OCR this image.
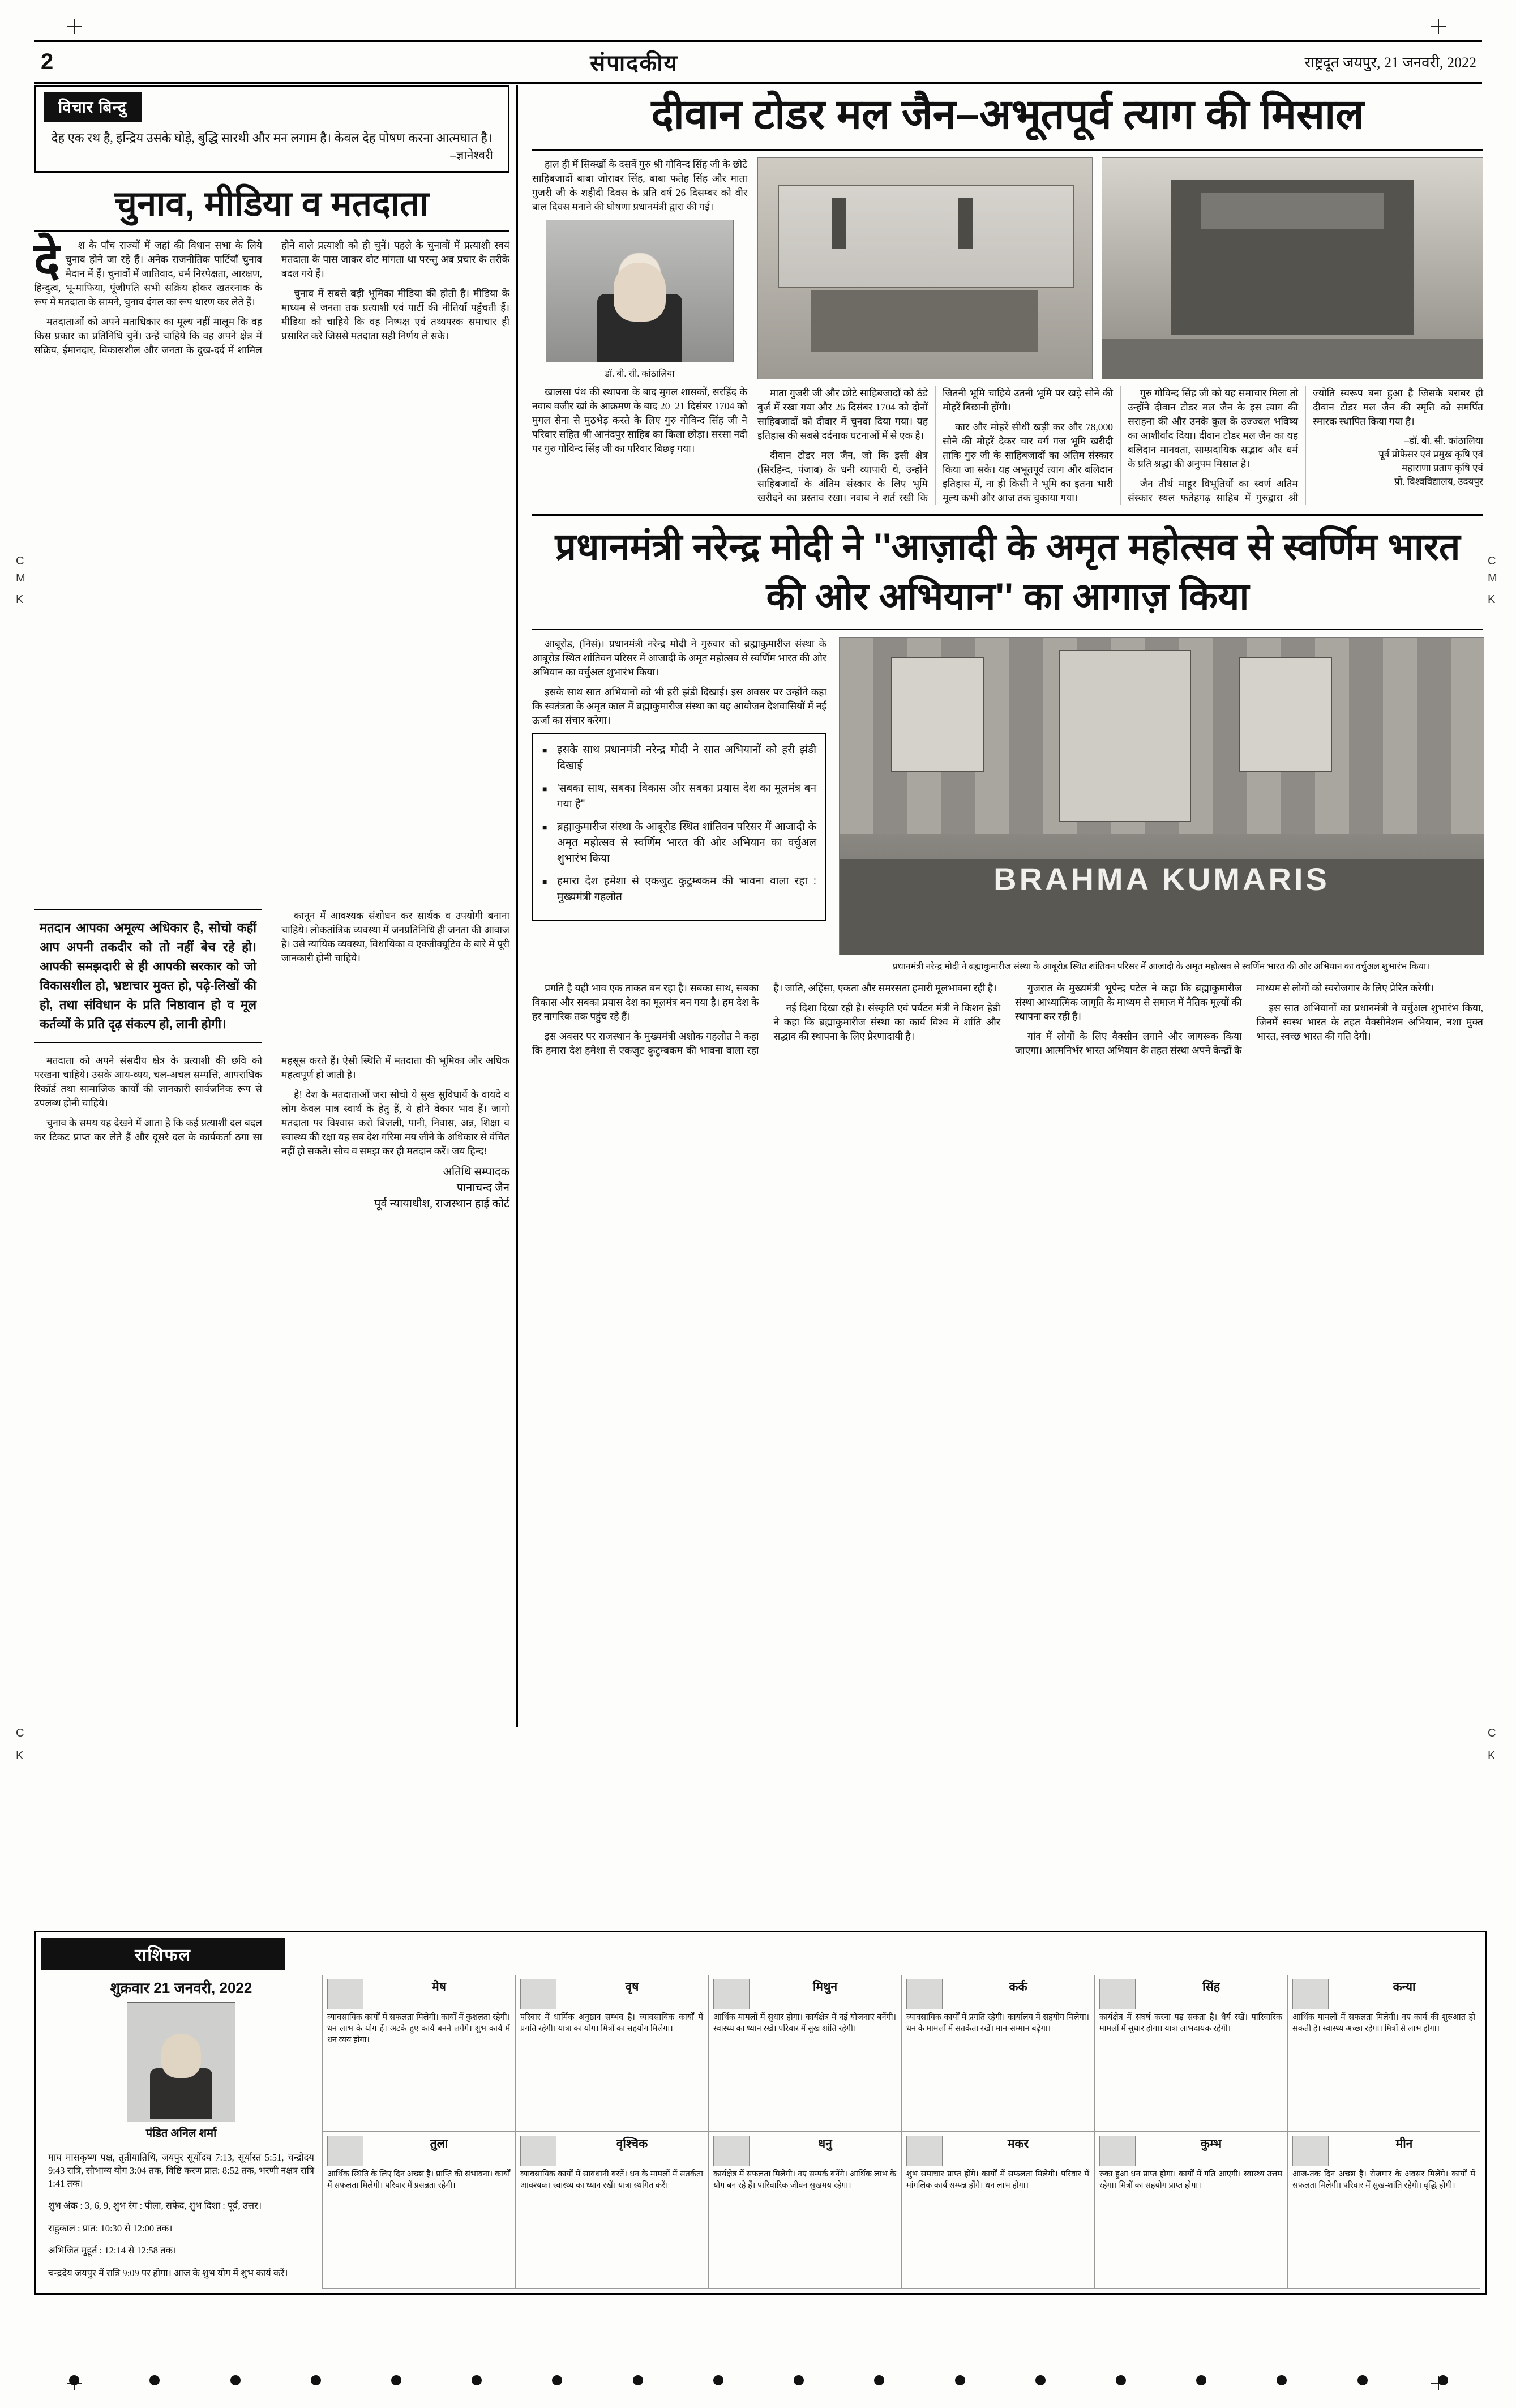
C
M
K
C
M
K
C
K
C
K
2	संपादकीय	राष्ट्रदूत जयपुर, 21 जनवरी, 2022
विचार बिन्दु
देह एक रथ है, इन्द्रिय उसके घोड़े, बुद्धि सारथी और मन लगाम है। केवल देह पोषण करना आत्मघात है।
–ज्ञानेश्वरी
चुनाव, मीडिया व मतदाता
दे	श के पाँच राज्यों में जहां की विधान सभा के लिये चुनाव होने जा रहे हैं। अनेक राजनीतिक पार्टियाँ चुनाव मैदान में हैं। चुनावों में जातिवाद, धर्म निरपेक्षता, आरक्षण, हिन्दुत्व, भू-माफिया, पूंजीपति सभी सक्रिय होकर खतरनाक के रूप में मतदाता के सामने, चुनाव दंगल का रूप धारण कर लेते हैं।

मतदाताओं को अपने मताधिकार का मूल्य नहीं मालूम कि वह किस प्रकार का प्रतिनिधि चुनें। उन्हें चाहिये कि वह अपने क्षेत्र में सक्रिय, ईमानदार, विकासशील और जनता के दुख-दर्द में शामिल होने वाले प्रत्याशी को ही चुनें। पहले के चुनावों में प्रत्याशी स्वयं मतदाता के पास जाकर वोट मांगता था परन्तु अब प्रचार के तरीके बदल गये हैं।

चुनाव में सबसे बड़ी भूमिका मीडिया की होती है। मीडिया के माध्यम से जनता तक प्रत्याशी एवं पार्टी की नीतियाँ पहुँचती हैं। मीडिया को चाहिये कि वह निष्पक्ष एवं तथ्यपरक समाचार ही प्रसारित करे जिससे मतदाता सही निर्णय ले सके।

मतदान आपका अमूल्य अधिकार है, सोचो कहीं आप अपनी तकदीर को तो नहीं बेच रहे हो। आपकी समझदारी से ही आपकी सरकार को जो विकासशील हो, भ्रष्टाचार मुक्त हो, पढ़े-लिखों की हो, तथा संविधान के प्रति निष्ठावान हो व मूल कर्तव्यों के प्रति दृढ़ संकल्प हो, लानी होगी।

कानून में आवश्यक संशोधन कर सार्थक व उपयोगी बनाना चाहिये। लोकतांत्रिक व्यवस्था में जनप्रतिनिधि ही जनता की आवाज है। उसे न्यायिक व्यवस्था, विधायिका व एक्जीक्यूटिव के बारे में पूरी जानकारी होनी चाहिये।

मतदाता को अपने संसदीय क्षेत्र के प्रत्याशी की छवि को परखना चाहिये। उसके आय-व्यय, चल-अचल सम्पत्ति, आपराधिक रिकॉर्ड तथा सामाजिक कार्यों की जानकारी सार्वजनिक रूप से उपलब्ध होनी चाहिये।

चुनाव के समय यह देखने में आता है कि कई प्रत्याशी दल बदल कर टिकट प्राप्त कर लेते हैं और दूसरे दल के कार्यकर्ता ठगा सा महसूस करते हैं। ऐसी स्थिति में मतदाता की भूमिका और अधिक महत्वपूर्ण हो जाती है।

हे! देश के मतदाताओं जरा सोचो ये सुख सुविधायें के वायदे व लोग केवल मात्र स्वार्थ के हेतु हैं, ये होने वेकार भाव हैं। जागो मतदाता पर विश्वास करो बिजली, पानी, निवास, अन्न, शिक्षा व स्वास्थ्य की रक्षा यह सब देश गरिमा मय जीने के अधिकार से वंचित नहीं हो सकते। सोच व समझ कर ही मतदान करें। जय हिन्द!

–अतिथि सम्पादक
पानाचन्द जैन
पूर्व न्यायाधीश, राजस्थान हाई कोर्ट
दीवान टोडर मल जैन–अभूतपूर्व त्याग की मिसाल

हाल ही में सिक्खों के दसवें गुरु श्री गोविन्द सिंह जी के छोटे साहिबजादों बाबा जोरावर सिंह, बाबा फतेह सिंह और माता गुजरी जी के शहीदी दिवस के प्रति वर्ष 26 दिसम्बर को वीर बाल दिवस मनाने की घोषणा प्रधानमंत्री द्वारा की गई।

डॉ. बी. सी. कांठालिया

खालसा पंथ की स्थापना के बाद मुगल शासकों, सरहिंद के नवाब वजीर खां के आक्रमण के बाद 20–21 दिसंबर 1704 को मुगल सेना से मुठभेड़ करते के लिए गुरु गोविन्द सिंह जी ने परिवार सहित श्री आनंदपुर साहिब का किला छोड़ा। सरसा नदी पर गुरु गोविन्द सिंह जी का परिवार बिछड़ गया।

माता गुजरी जी और छोटे साहिबजादों को ठंडे बुर्ज में रखा गया और 26 दिसंबर 1704 को दोनों साहिबजादों को दीवार में चुनवा दिया गया। यह इतिहास की सबसे दर्दनाक घटनाओं में से एक है।

दीवान टोडर मल जैन, जो कि इसी क्षेत्र (सिरहिन्द, पंजाब) के धनी व्यापारी थे, उन्होंने साहिबजादों के अंतिम संस्कार के लिए भूमि खरीदने का प्रस्ताव रखा। नवाब ने शर्त रखी कि जितनी भूमि चाहिये उतनी भूमि पर खड़े सोने की मोहरें बिछानी होंगी।

कार और मोहरें सीधी खड़ी कर और 78,000 सोने की मोहरें देकर चार वर्ग गज भूमि खरीदी ताकि गुरु जी के साहिबजादों का अंतिम संस्कार किया जा सके। यह अभूतपूर्व त्याग और बलिदान इतिहास में, ना ही किसी ने भूमि का इतना भारी मूल्य कभी और आज तक चुकाया गया।

गुरु गोविन्द सिंह जी को यह समाचार मिला तो उन्होंने दीवान टोडर मल जैन के इस त्याग की सराहना की और उनके कुल के उज्ज्वल भविष्य का आशीर्वाद दिया। दीवान टोडर मल जैन का यह बलिदान मानवता, साम्प्रदायिक सद्भाव और धर्म के प्रति श्रद्धा की अनुपम मिसाल है।

जैन तीर्थ माहूर विभूतियों का स्वर्ण अतिम संस्कार स्थल फतेहगढ़ साहिब में गुरुद्वारा श्री ज्योति स्वरूप बना हुआ है जिसके बराबर ही दीवान टोडर मल जैन की स्मृति को समर्पित स्मारक स्थापित किया गया है।

–डॉ. बी. सी. कांठालिया
पूर्व प्रोफेसर एवं प्रमुख कृषि एवं
महाराणा प्रताप कृषि एवं
प्रो. विश्वविद्यालय, उदयपुर
प्रधानमंत्री नरेन्द्र मोदी ने ''आज़ादी के अमृत महोत्सव से स्वर्णिम भारत की ओर अभियान'' का आगाज़ किया

आबूरोड, (निसं)। प्रधानमंत्री नरेन्द्र मोदी ने गुरुवार को ब्रह्माकुमारीज संस्था के आबूरोड स्थित शांतिवन परिसर में आजादी के अमृत महोत्सव से स्वर्णिम भारत की ओर अभियान का वर्चुअल शुभारंभ किया।

इसके साथ सात अभियानों को भी हरी झंडी दिखाई। इस अवसर पर उन्होंने कहा कि स्वतंत्रता के अमृत काल में ब्रह्माकुमारीज संस्था का यह आयोजन देशवासियों में नई ऊर्जा का संचार करेगा।

■ इसके साथ प्रधानमंत्री नरेन्द्र मोदी ने सात अभियानों को हरी झंडी दिखाई
■ 'सबका साथ, सबका विकास और सबका प्रयास देश का मूलमंत्र बन गया है''
■ ब्रह्माकुमारीज संस्था के आबूरोड स्थित शांतिवन परिसर में आजादी के अमृत महोत्सव से स्वर्णिम भारत की ओर अभियान का वर्चुअल शुभारंभ किया
■ हमारा देश हमेशा से एकजुट कुटुम्बकम की भावना वाला रहा : मुख्यमंत्री गहलोत
BRAHMA KUMARIS
प्रधानमंत्री नरेन्द्र मोदी ने ब्रह्माकुमारीज संस्था के आबूरोड स्थित शांतिवन परिसर में आजादी के अमृत महोत्सव से स्वर्णिम भारत की ओर अभियान का वर्चुअल शुभारंभ किया।

प्रगति है यही भाव एक ताकत बन रहा है। सबका साथ, सबका विकास और सबका प्रयास देश का मूलमंत्र बन गया है। हम देश के हर नागरिक तक पहुंच रहे हैं।

इस अवसर पर राजस्थान के मुख्यमंत्री अशोक गहलोत ने कहा कि हमारा देश हमेशा से एकजुट कुटुम्बकम की भावना वाला रहा है। जाति, अहिंसा, एकता और समरसता हमारी मूलभावना रही है।

नई दिशा दिखा रही है। संस्कृति एवं पर्यटन मंत्री ने किशन हेडी ने कहा कि ब्रह्माकुमारीज संस्था का कार्य विश्व में शांति और सद्भाव की स्थापना के लिए प्रेरणादायी है।

गुजरात के मुख्यमंत्री भूपेन्द्र पटेल ने कहा कि ब्रह्माकुमारीज संस्था आध्यात्मिक जागृति के माध्यम से समाज में नैतिक मूल्यों की स्थापना कर रही है।

गांव में लोगों के लिए वैक्सीन लगाने और जागरूक किया जाएगा। आत्मनिर्भर भारत अभियान के तहत संस्था अपने केन्द्रों के माध्यम से लोगों को स्वरोजगार के लिए प्रेरित करेगी।

इस सात अभियानों का प्रधानमंत्री ने वर्चुअल शुभारंभ किया, जिनमें स्वस्थ भारत के तहत वैक्सीनेशन अभियान, नशा मुक्त भारत, स्वच्छ भारत की गति देगी।

राशिफल
शुक्रवार 21 जनवरी, 2022
पंडित अनिल शर्मा

माघ मासकृष्ण पक्ष, तृतीयातिथि, जयपुर सूर्योदय 7:13, सूर्यास्त 5:51, चन्द्रोदय 9:43 रात्रि, सौभाग्य योग 3:04 तक, विष्टि करण प्रात: 8:52 तक, भरणी नक्षत्र रात्रि 1:41 तक।

शुभ अंक : 3, 6, 9, शुभ रंग : पीला, सफेद, शुभ दिशा : पूर्व, उत्तर।

राहुकाल : प्रात: 10:30 से 12:00 तक।

अभिजित मुहूर्त : 12:14 से 12:58 तक।

चन्द्रदेय जयपुर में रात्रि 9:09 पर होगा। आज के शुभ योग में शुभ कार्य करें।

मेष
व्यावसायिक कार्यों में सफलता मिलेगी। कार्यों में कुशलता रहेगी। धन लाभ के योग हैं। अटके हुए कार्य बनने लगेंगे। शुभ कार्य में धन व्यय होगा।
वृष
परिवार में धार्मिक अनुष्ठान सम्भव है। व्यावसायिक कार्यों में प्रगति रहेगी। यात्रा का योग। मित्रों का सहयोग मिलेगा।
मिथुन
आर्थिक मामलों में सुधार होगा। कार्यक्षेत्र में नई योजनाएं बनेंगी। स्वास्थ्य का ध्यान रखें। परिवार में सुख शांति रहेगी।
कर्क
व्यावसायिक कार्यों में प्रगति रहेगी। कार्यालय में सहयोग मिलेगा। धन के मामलों में सतर्कता रखें। मान-सम्मान बढ़ेगा।
सिंह
कार्यक्षेत्र में संघर्ष करना पड़ सकता है। धैर्य रखें। पारिवारिक मामलों में सुधार होगा। यात्रा लाभदायक रहेगी।
कन्या
आर्थिक मामलों में सफलता मिलेगी। नए कार्य की शुरुआत हो सकती है। स्वास्थ्य अच्छा रहेगा। मित्रों से लाभ होगा।
तुला
आर्थिक स्थिति के लिए दिन अच्छा है। प्राप्ति की संभावना। कार्यों में सफलता मिलेगी। परिवार में प्रसन्नता रहेगी।
वृश्चिक
व्यावसायिक कार्यों में सावधानी बरतें। धन के मामलों में सतर्कता आवश्यक। स्वास्थ्य का ध्यान रखें। यात्रा स्थगित करें।
धनु
कार्यक्षेत्र में सफलता मिलेगी। नए सम्पर्क बनेंगे। आर्थिक लाभ के योग बन रहे हैं। पारिवारिक जीवन सुखमय रहेगा।
मकर
शुभ समाचार प्राप्त होंगे। कार्यों में सफलता मिलेगी। परिवार में मांगलिक कार्य सम्पन्न होंगे। धन लाभ होगा।
कुम्भ
रुका हुआ धन प्राप्त होगा। कार्यों में गति आएगी। स्वास्थ्य उत्तम रहेगा। मित्रों का सहयोग प्राप्त होगा।
मीन
आज-तक दिन अच्छा है। रोजगार के अवसर मिलेंगे। कार्यों में सफलता मिलेगी। परिवार में सुख-शांति रहेगी। वृद्धि होगी।
